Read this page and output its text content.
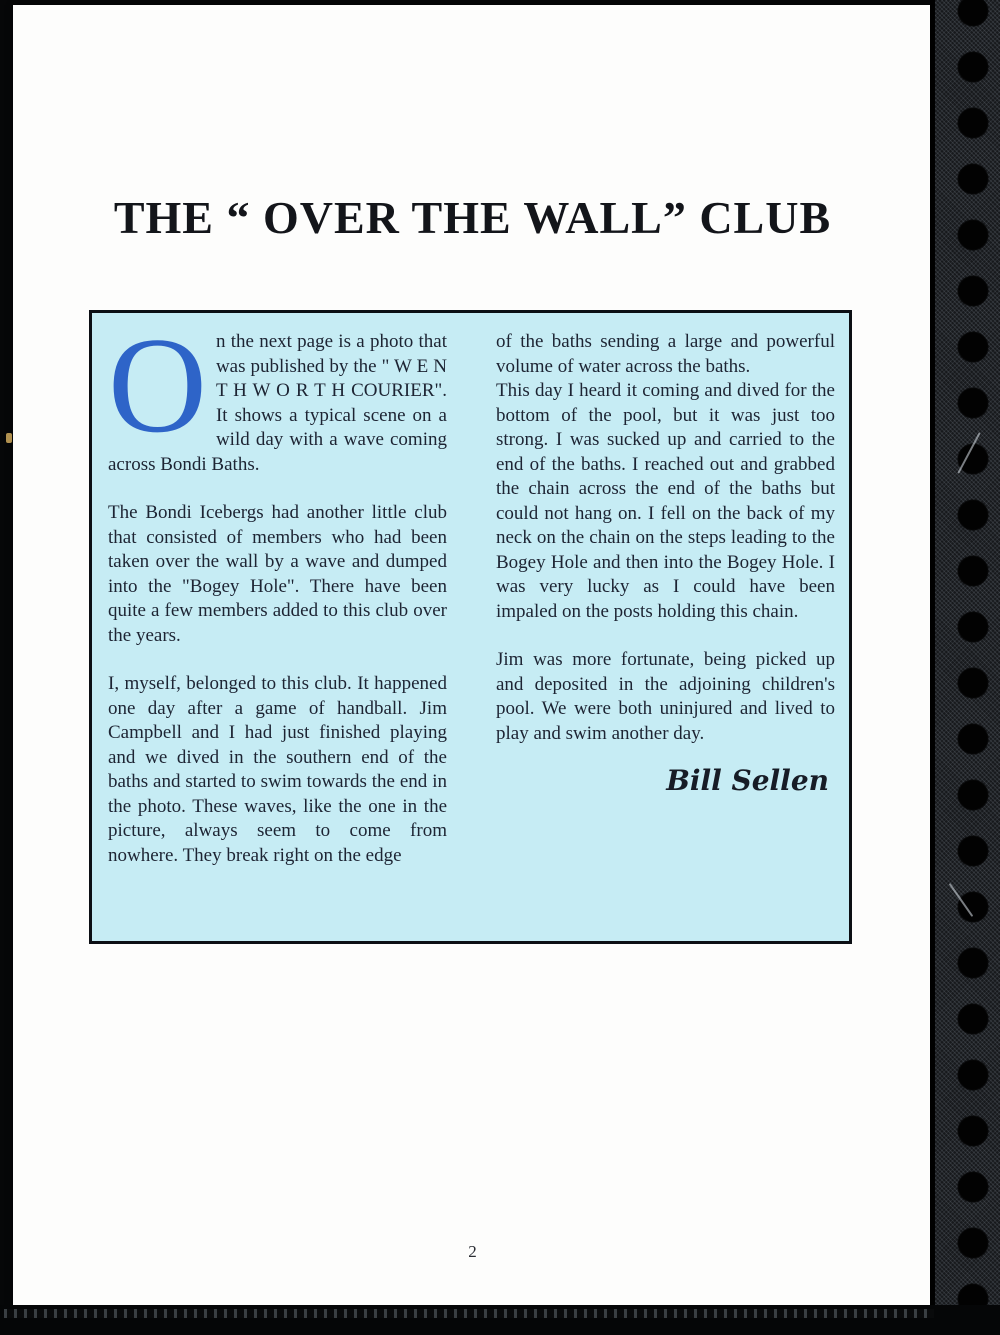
THE “ OVER THE WALL” CLUB

On the next page is a photo that was published by the " W E N T H W O R T H COURIER". It shows a typical scene on a wild day with a wave coming across Bondi Baths.

The Bondi Icebergs had another little club that consisted of members who had been taken over the wall by a wave and dumped into the "Bogey Hole". There have been quite a few members added to this club over the years.

I, myself, belonged to this club. It happened one day after a game of handball. Jim Campbell and I had just finished playing and we dived in the southern end of the baths and started to swim towards the end in the photo. These waves, like the one in the picture, always seem to come from nowhere. They break right on the edge

of the baths sending a large and powerful volume of water across the baths.

This day I heard it coming and dived for the bottom of the pool, but it was just too strong. I was sucked up and carried to the end of the baths. I reached out and grabbed the chain across the end of the baths but could not hang on. I fell on the back of my neck on the chain on the steps leading to the Bogey Hole and then into the Bogey Hole. I was very lucky as I could have been impaled on the posts holding this chain.

Jim was more fortunate, being picked up and deposited in the adjoining children's pool. We were both uninjured and lived to play and swim another day.

Bill Sellen
2
